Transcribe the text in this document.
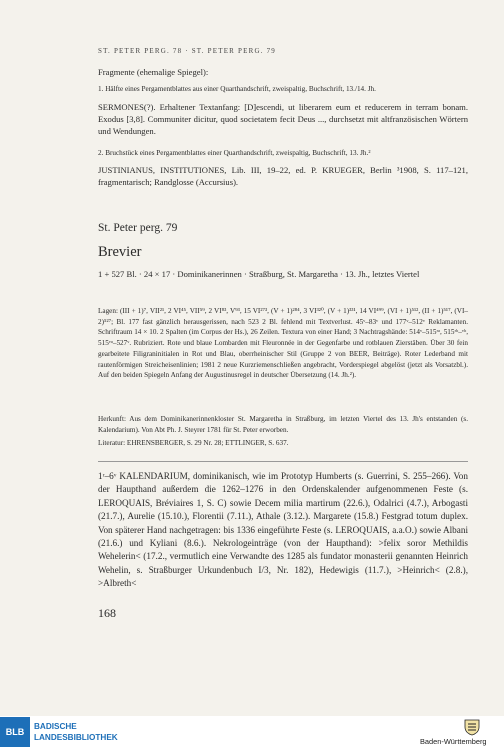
ST. PETER PERG. 78 · ST. PETER PERG. 79
Fragmente (ehemalige Spiegel):
1. Hälfte eines Pergamentblattes aus einer Quarthandschrift, zweispaltig, Buchschrift, 13./14. Jh.
SERMONES(?). Erhaltener Textanfang: [D]escendi, ut liberarem eum et reducerem in terram bonam. Exodus [3,8]. Communiter dicitur, quod societatem fecit Deus ..., durchsetzt mit altfranzösischen Wörtern und Wendungen.
2. Bruchstück eines Pergamentblattes einer Quarthandschrift, zweispaltig, Buchschrift, 13. Jh.²
JUSTINIANUS, INSTITUTIONES, Lib. III, 19–22, ed. P. KRUEGER, Berlin ³1908, S. 117–121, fragmentarisch; Randglosse (Accursius).
St. Peter perg. 79
Brevier
1 + 527 Bl. · 24 × 17 · Dominikanerinnen · Straßburg, St. Margaretha · 13. Jh., letztes Viertel
Lagen: (III + 1)⁷, VII²¹, 2 VI⁴⁵, VII⁵⁹, 2 VI⁸³, V⁹³, 15 VI²⁷³, (V + 1)²⁸⁴, 3 VI³²⁰, (V + 1)³³¹, 14 VI⁴⁹⁹, (VI + 1)⁵¹², (II + 1)⁵¹⁷, (VI–2)⁵²⁷; Bl. 177 fast gänzlich herausgerissen, nach 523 2 Bl. fehlend mit Textverlust. 45ᵛ–83ᵛ und 177ᵛ–512ᵛ Reklamanten. Schriftraum 14 × 10. 2 Spalten (im Corpus der Hs.), 26 Zeilen. Textura von einer Hand; 3 Nachtragshände: 514ᵛ–515ʳᵃ, 515ʳᵇ–ᵛᵇ, 515ᵛᵃ–527ᵛ. Rubriziert. Rote und blaue Lombarden mit Fleuronnée in der Gegenfarbe und rotblauen Zierstäben. Über 30 fein gearbeitete Filigraninitialen in Rot und Blau, oberrheinischer Stil (Gruppe 2 von BEER, Beiträge). Roter Lederband mit rautenförmigen Streicheisenlinien; 1981 2 neue Kurzriemenschließen angebracht, Vorderspiegel abgelöst (jetzt als Vorsatzbl.). Auf den beiden Spiegeln Anfang der Augustinusregel in deutscher Übersetzung (14. Jh.²).
Herkunft: Aus dem Dominikanerinnenkloster St. Margaretha in Straßburg, im letzten Viertel des 13. Jh's entstanden (s. Kalendarium). Von Abt Ph. J. Steyrer 1781 für St. Peter erworben.
Literatur: EHRENSBERGER, S. 29 Nr. 28; ETTLINGER, S. 637.
1ʳ–6ᵛ KALENDARIUM, dominikanisch, wie im Prototyp Humberts (s. Guerrini, S. 255–266). Von der Haupthand außerdem die 1262–1276 in den Ordenskalender aufgenommenen Feste (s. LEROQUAIS, Bréviaires 1, S. C) sowie Decem milia martirum (22.6.), Odalrici (4.7.), Arbogasti (21.7.), Aurelie (15.10.), Florentii (7.11.), Athale (3.12.). Margarete (15.8.) Festgrad totum duplex. Von späterer Hand nachgetragen: bis 1336 eingeführte Feste (s. LEROQUAIS, a.a.O.) sowie Albani (21.6.) und Kyliani (8.6.). Nekrologeinträge (von der Haupthand): >felix soror Methildis Wehelerin< (17.2., vermutlich eine Verwandte des 1285 als fundator monasterii genannten Heinrich Wehelin, s. Straßburger Urkundenbuch I/3, Nr. 182), Hedewigis (11.7.), >Heinrich< (2.8.), >Albreth<
168
BLB
BADISCHE
LANDESBIBLIOTHEK	Baden-Württemberg
